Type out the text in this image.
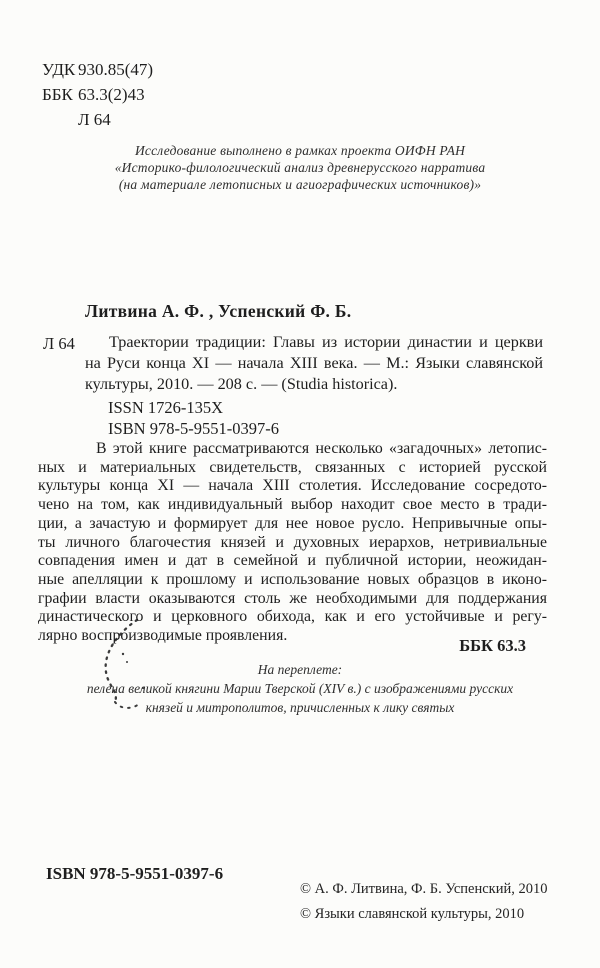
УДК 930.85(47)
ББК 63.3(2)43
Л 64
Исследование выполнено в рамках проекта ОИФН РАН
«Историко-филологический анализ древнерусского нарратива
(на материале летописных и агиографических источников)»
Литвина А. Ф. , Успенский Ф. Б.
Л 64	Траектории традиции: Главы из истории династии и церкви
на Руси конца XI — начала XIII века. — М.: Языки славянской
культуры, 2010. — 208 с. — (Studia historica).
ISSN 1726-135X
ISBN 978-5-9551-0397-6
В этой книге рассматриваются несколько «загадочных» летопис-
ных и материальных свидетельств, связанных с историей русской
культуры конца XI — начала XIII столетия. Исследование сосредото-
чено на том, как индивидуальный выбор находит свое место в тради-
ции, а зачастую и формирует для нее новое русло. Непривычные опы-
ты личного благочестия князей и духовных иерархов, нетривиальные
совпадения имен и дат в семейной и публичной истории, неожидан-
ные апелляции к прошлому и использование новых образцов в иконо-
графии власти оказываются столь же необходимыми для поддержания
династического и церковного обихода, как и его устойчивые и регу-
лярно воспроизводимые проявления.
ББК 63.3
На переплете:
пелена великой княгини Марии Тверской (XIV в.) с изображениями русских
князей и митрополитов, причисленных к лику святых
ISBN 978-5-9551-0397-6
© А. Ф. Литвина, Ф. Б. Успенский, 2010
© Языки славянской культуры, 2010
